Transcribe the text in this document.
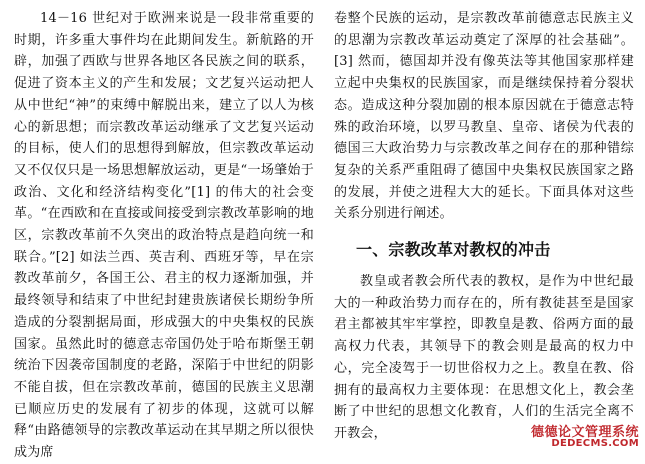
14－16 世纪对于欧洲来说是一段非常重要的时期，许多重大事件均在此期间发生。新航路的开辟，加强了西欧与世界各地区各民族之间的联系，促进了资本主义的产生和发展；文艺复兴运动把人从中世纪“神”的束缚中解脱出来，建立了以人为核心的新思想；而宗教改革运动继承了文艺复兴运动的目标，使人们的思想得到解放，但宗教改革运动又不仅仅只是一场思想解放运动，更是“一场肇始于政治、文化和经济结构变化”[1] 的伟大的社会变革。“在西欧和在直接或间接受到宗教改革影响的地区，宗教改革前不久突出的政治特点是趋向统一和联合。”[2] 如法兰西、英吉利、西班牙等，早在宗教改革前夕，各国王公、君主的权力逐渐加强，并最终领导和结束了中世纪封建贵族诸侯长期纷争所造成的分裂割据局面，形成强大的中央集权的民族国家。虽然此时的德意志帝国仍处于哈布斯堡王朝统治下因袭帝国制度的老路，深陷于中世纪的阴影不能自拔，但在宗教改革前，德国的民族主义思潮已顺应历史的发展有了初步的体现，这就可以解释“由路德领导的宗教改革运动在其早期之所以很快成为席

卷整个民族的运动，是宗教改革前德意志民族主义的思潮为宗教改革运动奠定了深厚的社会基础”。[3] 然而，德国却并没有像英法等其他国家那样建立起中央集权的民族国家，而是继续保持着分裂状态。造成这种分裂加剧的根本原因就在于德意志特殊的政治环境，以罗马教皇、皇帝、诸侯为代表的德国三大政治势力与宗教改革之间存在的那种错综复杂的关系严重阻碍了德国中央集权民族国家之路的发展，并使之进程大大的延长。下面具体对这些关系分别进行阐述。

一、宗教改革对教权的冲击

教皇或者教会所代表的教权，是作为中世纪最大的一种政治势力而存在的，所有教徒甚至是国家君主都被其牢牢掌控，即教皇是教、俗两方面的最高权力代表，其领导下的教会则是最高的权力中心，完全凌驾于一切世俗权力之上。教皇在教、俗拥有的最高权力主要体现：在思想文化上，教会垄断了中世纪的思想文化教育，人们的生活完全离不开教会，	德德论文管理系统
DEDECMS.COM
